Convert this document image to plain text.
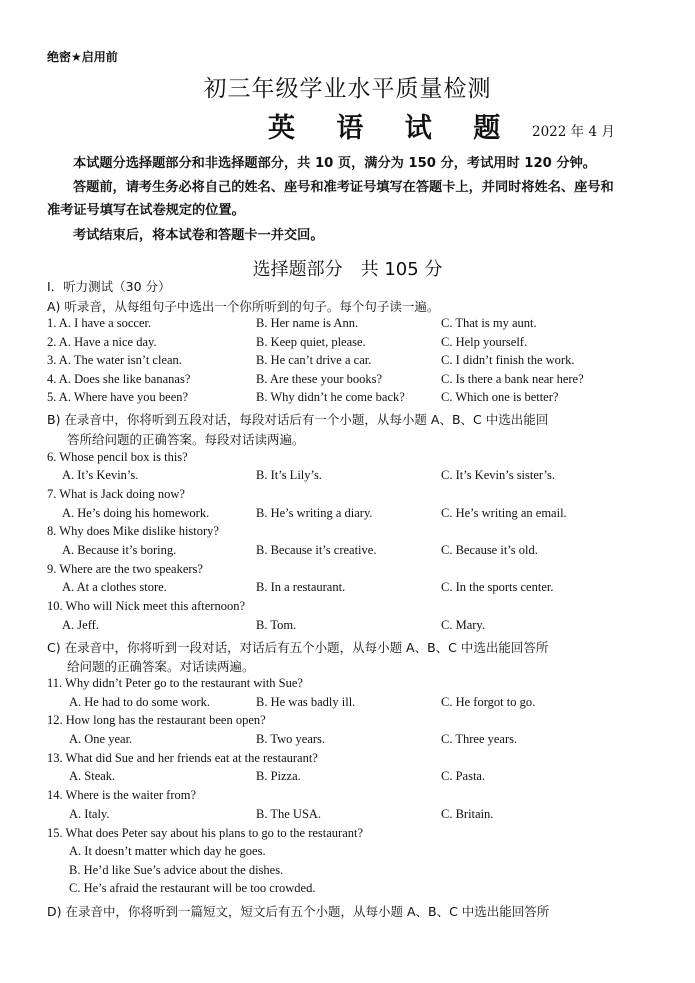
绝密★启用前
初三年级学业水平质量检测
英 语 试 题 2022 年 4 月
本试题分选择题部分和非选择题部分，共 10 页，满分为 150 分，考试用时 120 分钟。
答题前，请考生务必将自己的姓名、座号和准考证号填写在答题卡上，并同时将姓名、座号和
准考证号填写在试卷规定的位置。
考试结束后，将本试卷和答题卡一并交回。
选择题部分　共 105 分
I．听力测试（30 分）
A) 听录音，从每组句子中选出一个你所听到的句子。每个句子读一遍。
1. A. I have a soccer.	B. Her name is Ann.	C. That is my aunt.
2. A. Have a nice day.	B. Keep quiet, please.	C. Help yourself.
3. A. The water isn’t clean.	B. He can’t drive a car.	C. I didn’t finish the work.
4. A. Does she like bananas?	B. Are these your books?	C. Is there a bank near here?
5. A. Where have you been?	B. Why didn’t he come back?	C. Which one is better?
B) 在录音中，你将听到五段对话，每段对话后有一个小题，从每小题 A、B、C 中选出能回
答所给问题的正确答案。每段对话读两遍。
6. Whose pencil box is this?
A. It’s Kevin’s.	B. It’s Lily’s.	C. It’s Kevin’s sister’s.
7. What is Jack doing now?
A. He’s doing his homework.	B. He’s writing a diary.	C. He’s writing an email.
8. Why does Mike dislike history?
A. Because it’s boring.	B. Because it’s creative.	C. Because it’s old.
9. Where are the two speakers?
A. At a clothes store.	B. In a restaurant.	C. In the sports center.
10. Who will Nick meet this afternoon?
A. Jeff.	B. Tom.	C. Mary.
C) 在录音中，你将听到一段对话，对话后有五个小题，从每小题 A、B、C 中选出能回答所
给问题的正确答案。对话读两遍。
11. Why didn’t Peter go to the restaurant with Sue?
A. He had to do some work.	B. He was badly ill.	C. He forgot to go.
12. How long has the restaurant been open?
A. One year.	B. Two years.	C. Three years.
13. What did Sue and her friends eat at the restaurant?
A. Steak.	B. Pizza.	C. Pasta.
14. Where is the waiter from?
A. Italy.	B. The USA.	C. Britain.
15. What does Peter say about his plans to go to the restaurant?
A. It doesn’t matter which day he goes.
B. He’d like Sue’s advice about the dishes.
C. He’s afraid the restaurant will be too crowded.
D) 在录音中，你将听到一篇短文，短文后有五个小题，从每小题 A、B、C 中选出能回答所
